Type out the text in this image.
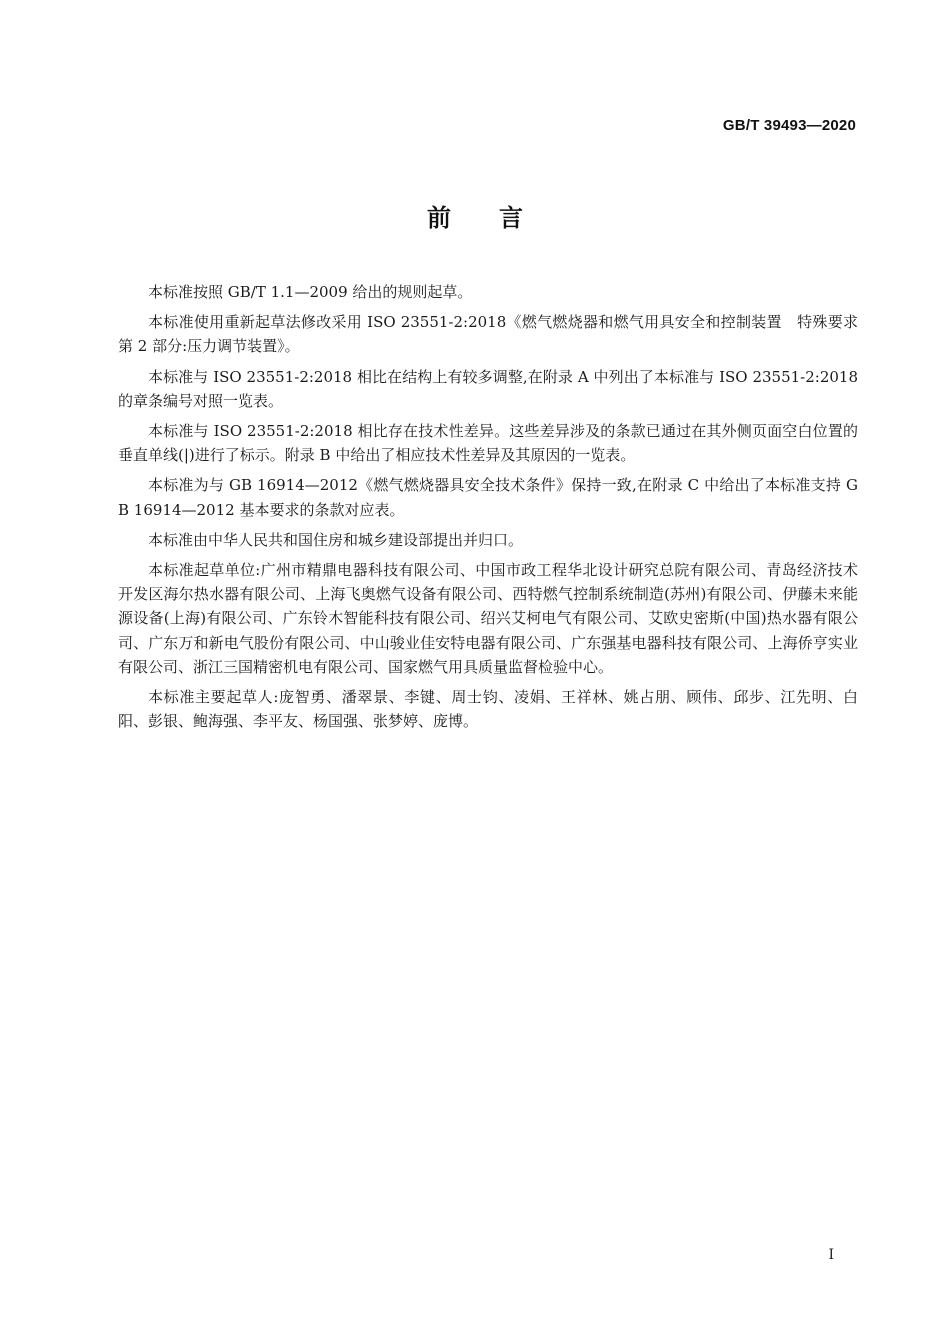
GB/T 39493—2020
前言

本标准按照 GB/T 1.1—2009 给出的规则起草。

本标准使用重新起草法修改采用 ISO 23551-2:2018《燃气燃烧器和燃气用具安全和控制装置　特殊要求　第 2 部分:压力调节装置》。

本标准与 ISO 23551-2:2018 相比在结构上有较多调整,在附录 A 中列出了本标准与 ISO 23551-2:2018 的章条编号对照一览表。

本标准与 ISO 23551-2:2018 相比存在技术性差异。这些差异涉及的条款已通过在其外侧页面空白位置的垂直单线(|)进行了标示。附录 B 中给出了相应技术性差异及其原因的一览表。

本标准为与 GB 16914—2012《燃气燃烧器具安全技术条件》保持一致,在附录 C 中给出了本标准支持 GB 16914—2012 基本要求的条款对应表。

本标准由中华人民共和国住房和城乡建设部提出并归口。

本标准起草单位:广州市精鼎电器科技有限公司、中国市政工程华北设计研究总院有限公司、青岛经济技术开发区海尔热水器有限公司、上海飞奥燃气设备有限公司、西特燃气控制系统制造(苏州)有限公司、伊藤未来能源设备(上海)有限公司、广东铃木智能科技有限公司、绍兴艾柯电气有限公司、艾欧史密斯(中国)热水器有限公司、广东万和新电气股份有限公司、中山骏业佳安特电器有限公司、广东强基电器科技有限公司、上海侨亨实业有限公司、浙江三国精密机电有限公司、国家燃气用具质量监督检验中心。

本标准主要起草人:庞智勇、潘翠景、李键、周士钧、凌娟、王祥林、姚占朋、顾伟、邱步、江先明、白阳、彭银、鲍海强、李平友、杨国强、张梦婷、庞博。

I
